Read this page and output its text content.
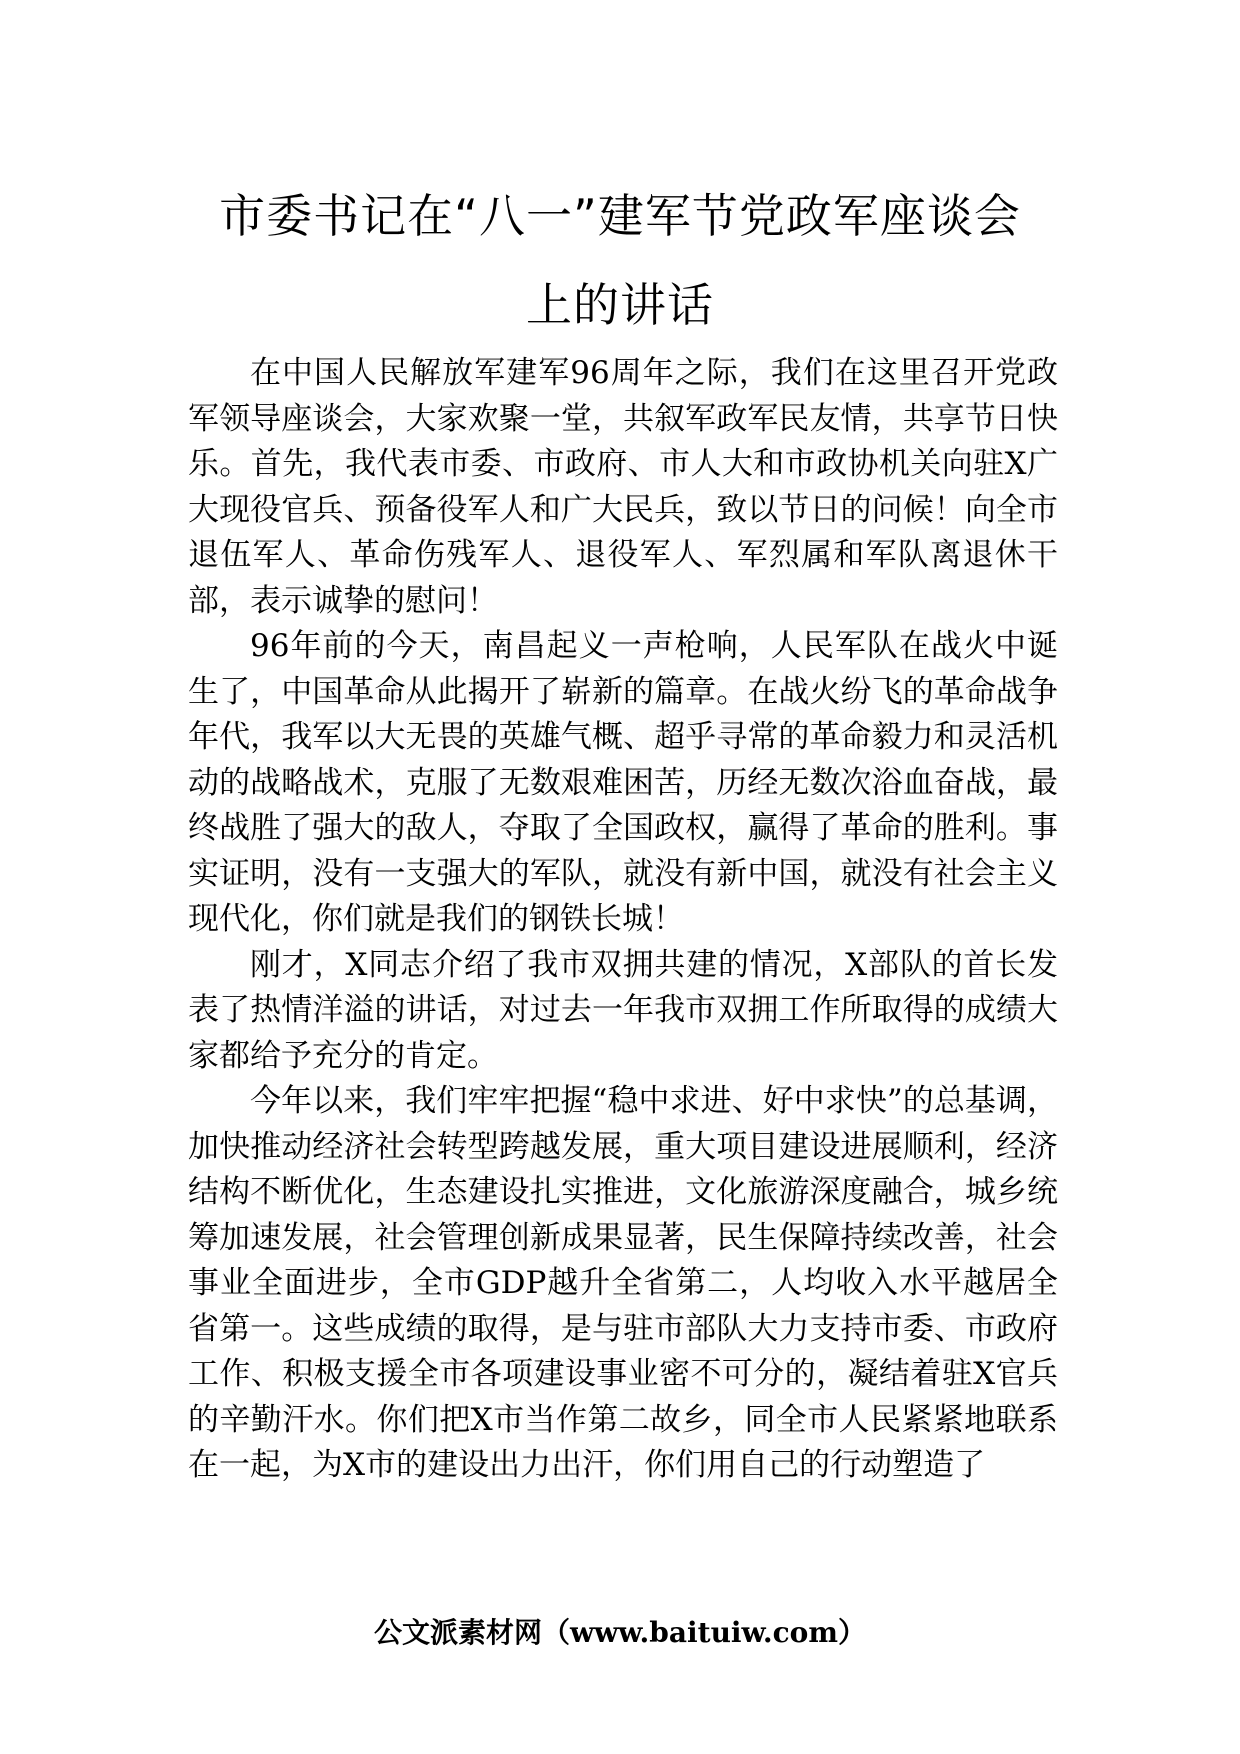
市委书记在“八一”建军节党政军座谈会
上的讲话

在中国人民解放军建军96周年之际，我们在这里召开党政军领导座谈会，大家欢聚一堂，共叙军政军民友情，共享节日快乐。首先，我代表市委、市政府、市人大和市政协机关向驻X广大现役官兵、预备役军人和广大民兵，致以节日的问候！向全市退伍军人、革命伤残军人、退役军人、军烈属和军队离退休干部，表示诚挚的慰问！

96年前的今天，南昌起义一声枪响，人民军队在战火中诞生了，中国革命从此揭开了崭新的篇章。在战火纷飞的革命战争年代，我军以大无畏的英雄气概、超乎寻常的革命毅力和灵活机动的战略战术，克服了无数艰难困苦，历经无数次浴血奋战，最终战胜了强大的敌人，夺取了全国政权，赢得了革命的胜利。事实证明，没有一支强大的军队，就没有新中国，就没有社会主义现代化，你们就是我们的钢铁长城！

刚才，X同志介绍了我市双拥共建的情况，X部队的首长发表了热情洋溢的讲话，对过去一年我市双拥工作所取得的成绩大家都给予充分的肯定。

今年以来，我们牢牢把握“稳中求进、好中求快”的总基调，加快推动经济社会转型跨越发展，重大项目建设进展顺利，经济结构不断优化，生态建设扎实推进，文化旅游深度融合，城乡统筹加速发展，社会管理创新成果显著，民生保障持续改善，社会事业全面进步，全市GDP越升全省第二，人均收入水平越居全省第一。这些成绩的取得，是与驻市部队大力支持市委、市政府工作、积极支援全市各项建设事业密不可分的，凝结着驻X官兵的辛勤汗水。你们把X市当作第二故乡，同全市人民紧紧地联系在一起，为X市的建设出力出汗，你们用自己的行动塑造了

公文派素材网（www.baituiw.com）
